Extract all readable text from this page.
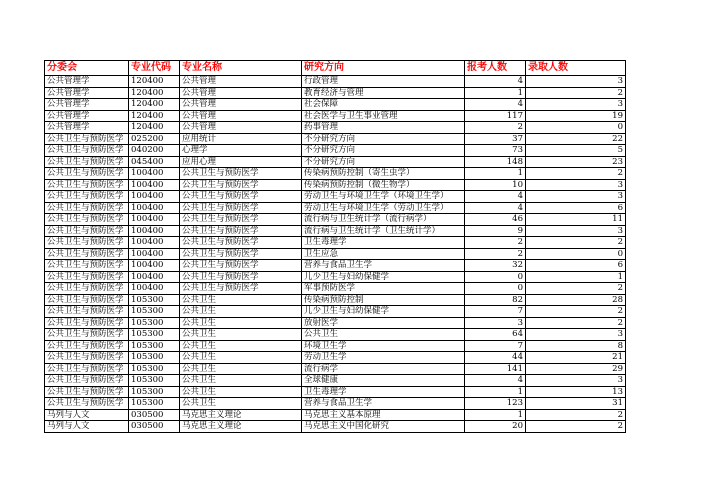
分委会	专业代码	专业名称	研究方向	报考人数	录取人数
公共管理学	120400	公共管理	行政管理	4	3
公共管理学	120400	公共管理	教育经济与管理	1	2
公共管理学	120400	公共管理	社会保障	4	3
公共管理学	120400	公共管理	社会医学与卫生事业管理	117	19
公共管理学	120400	公共管理	药事管理	2	0
公共卫生与预防医学	025200	应用统计	不分研究方向	37	22
公共卫生与预防医学	040200	心理学	不分研究方向	73	5
公共卫生与预防医学	045400	应用心理	不分研究方向	148	23
公共卫生与预防医学	100400	公共卫生与预防医学	传染病预防控制（寄生虫学）	1	2
公共卫生与预防医学	100400	公共卫生与预防医学	传染病预防控制（微生物学）	10	3
公共卫生与预防医学	100400	公共卫生与预防医学	劳动卫生与环境卫生学（环境卫生学）	4	3
公共卫生与预防医学	100400	公共卫生与预防医学	劳动卫生与环境卫生学（劳动卫生学）	4	6
公共卫生与预防医学	100400	公共卫生与预防医学	流行病与卫生统计学（流行病学）	46	11
公共卫生与预防医学	100400	公共卫生与预防医学	流行病与卫生统计学（卫生统计学）	9	3
公共卫生与预防医学	100400	公共卫生与预防医学	卫生毒理学	2	2
公共卫生与预防医学	100400	公共卫生与预防医学	卫生应急	2	0
公共卫生与预防医学	100400	公共卫生与预防医学	营养与食品卫生学	32	6
公共卫生与预防医学	100400	公共卫生与预防医学	儿少卫生与妇幼保健学	0	1
公共卫生与预防医学	100400	公共卫生与预防医学	军事预防医学	0	2
公共卫生与预防医学	105300	公共卫生	传染病预防控制	82	28
公共卫生与预防医学	105300	公共卫生	儿少卫生与妇幼保健学	7	2
公共卫生与预防医学	105300	公共卫生	放射医学	3	2
公共卫生与预防医学	105300	公共卫生	公共卫生	64	3
公共卫生与预防医学	105300	公共卫生	环境卫生学	7	8
公共卫生与预防医学	105300	公共卫生	劳动卫生学	44	21
公共卫生与预防医学	105300	公共卫生	流行病学	141	29
公共卫生与预防医学	105300	公共卫生	全球健康	4	3
公共卫生与预防医学	105300	公共卫生	卫生毒理学	1	13
公共卫生与预防医学	105300	公共卫生	营养与食品卫生学	123	31
马列与人文	030500	马克思主义理论	马克思主义基本原理	1	2
马列与人文	030500	马克思主义理论	马克思主义中国化研究	20	2
